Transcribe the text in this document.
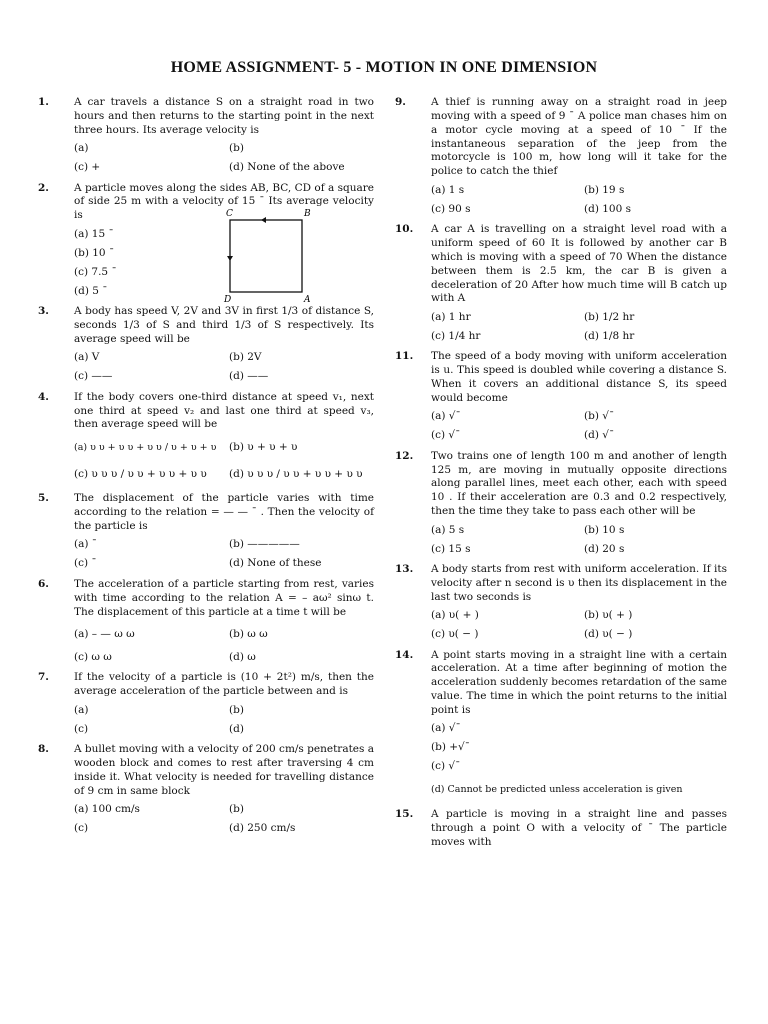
HOME ASSIGNMENT- 5 - MOTION IN ONE DIMENSION
C	B
D	A
1. A car travels a distance S on a straight road in two hours and then returns to the starting point in the next three hours. Its average velocity is

(a)	(b)
(c) +	(d) None of the above
2. A particle moves along the sides AB, BC, CD of a square of side 25 m with a velocity of 15 ¯ Its average velocity is

(a) 15 ¯
(b) 10 ¯
(c) 7.5 ¯
(d) 5 ¯
3. A body has speed V, 2V and 3V in first 1/3 of distance S, seconds 1/3 of S and third 1/3 of S respectively. Its average speed will be

(a) V	(b) 2V
(c) ——	(d) ——
4. If the body covers one-third distance at speed v₁, next one third at speed v₂ and last one third at speed v₃, then average speed will be

(a) υ υ + υ υ + υ υ / υ + υ + υ (b) υ + υ + υ
(c) υ υ υ / υ υ + υ υ + υ υ	(d) υ υ υ / υ υ + υ υ + υ υ
5. The displacement of the particle varies with time according to the relation = — — ¯ . Then the velocity of the particle is

(a) ¯	(b) —————
(c) ¯	(d) None of these
6. The acceleration of a particle starting from rest, varies with time according to the relation A = – aω² sinω t. The displacement of this particle at a time t will be

(a) – — ω ω	(b) ω ω
(c) ω ω	(d) ω
7. If the velocity of a particle is (10 + 2t²) m/s, then the average acceleration of the particle between and is

(a)	(b)
(c)	(d)
8. A bullet moving with a velocity of 200 cm/s penetrates a wooden block and comes to rest after traversing 4 cm inside it. What velocity is needed for travelling distance of 9 cm in same block

(a) 100 cm/s	(b)
(c)	(d) 250 cm/s
9. A thief is running away on a straight road in jeep moving with a speed of 9 ¯ A police man chases him on a motor cycle moving at a speed of 10 ¯ If the instantaneous separation of the jeep from the motorcycle is 100 m, how long will it take for the police to catch the thief

(a) 1 s	(b) 19 s
(c) 90 s	(d) 100 s
10. A car A is travelling on a straight level road with a uniform speed of 60 It is followed by another car B which is moving with a speed of 70 When the distance between them is 2.5 km, the car B is given a deceleration of 20 After how much time will B catch up with A

(a) 1 hr	(b) 1/2 hr
(c) 1/4 hr	(d) 1/8 hr
11. The speed of a body moving with uniform acceleration is u. This speed is doubled while covering a distance S. When it covers an additional distance S, its speed would become

(a) √¯	(b) √¯
(c) √¯	(d) √¯
12. Two trains one of length 100 m and another of length 125 m, are moving in mutually opposite directions along parallel lines, meet each other, each with speed 10 . If their acceleration are 0.3 and 0.2 respectively, then the time they take to pass each other will be

(a) 5 s	(b) 10 s
(c) 15 s	(d) 20 s
13. A body starts from rest with uniform acceleration. If its velocity after n second is υ then its displacement in the last two seconds is

(a) υ( + )	(b) υ( + )
(c) υ( − )	(d) υ( − )
14. A point starts moving in a straight line with a certain acceleration. At a time after beginning of motion the acceleration suddenly becomes retardation of the same value. The time in which the point returns to the initial point is

(a) √¯
(b) +√¯
(c) √¯
(d) Cannot be predicted unless acceleration is given
15. A particle is moving in a straight line and passes through a point O with a velocity of ¯ The particle moves with
